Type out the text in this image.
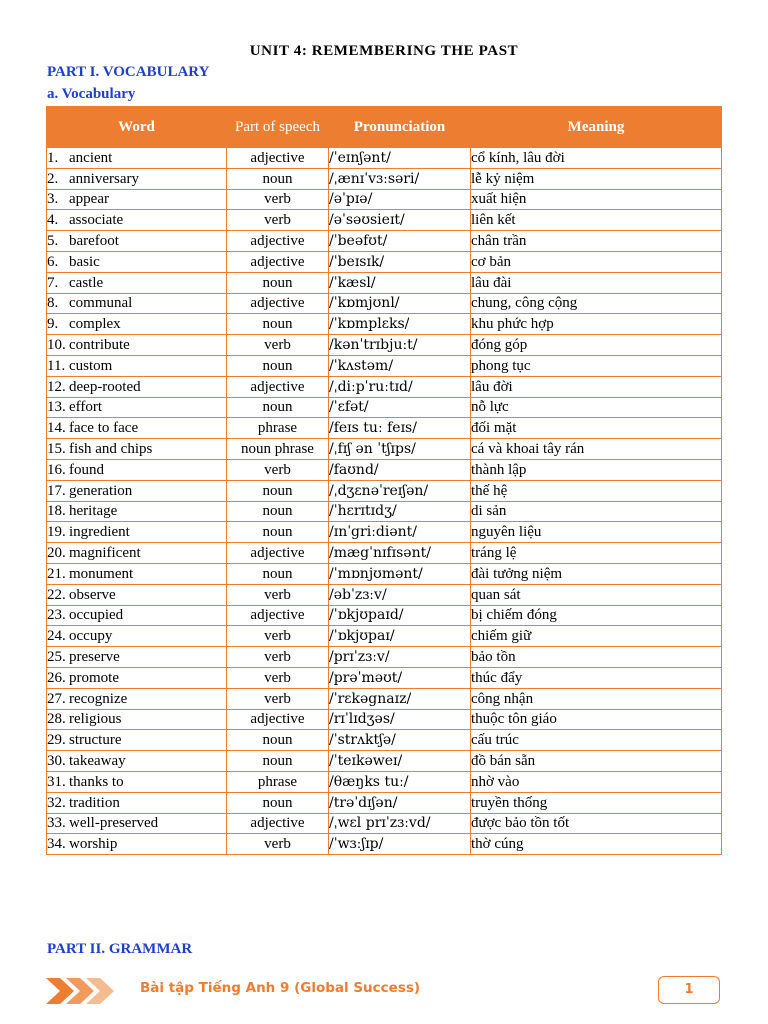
UNIT 4: REMEMBERING THE PAST
PART I. VOCABULARY
a. Vocabulary
Word	Part of speech	Pronunciation	Meaning
1. ancient	adjective	/ˈeɪnʃənt/	cổ kính, lâu đời
2. anniversary	noun	/ˌænɪˈvɜːsəri/	lễ kỷ niệm
3. appear	verb	/əˈpɪə/	xuất hiện
4. associate	verb	/əˈsəʊsieɪt/	liên kết
5. barefoot	adjective	/ˈbeəfʊt/	chân trần
6. basic	adjective	/ˈbeɪsɪk/	cơ bản
7. castle	noun	/ˈkæsl/	lâu đài
8. communal	adjective	/ˈkɒmjʊnl/	chung, công cộng
9. complex	noun	/ˈkɒmplɛks/	khu phức hợp
10. contribute	verb	/kənˈtrɪbjuːt/	đóng góp
11. custom	noun	/ˈkʌstəm/	phong tục
12. deep-rooted	adjective	/ˌdiːpˈruːtɪd/	lâu đời
13. effort	noun	/ˈɛfət/	nỗ lực
14. face to face	phrase	/feɪs tuː feɪs/	đối mặt
15. fish and chips	noun phrase	/ˌfɪʃ ən ˈtʃɪps/	cá và khoai tây rán
16. found	verb	/faʊnd/	thành lập
17. generation	noun	/ˌdʒɛnəˈreɪʃən/	thế hệ
18. heritage	noun	/ˈhɛrɪtɪdʒ/	di sản
19. ingredient	noun	/ɪnˈgriːdiənt/	nguyên liệu
20. magnificent	adjective	/mægˈnɪfɪsənt/	tráng lệ
21. monument	noun	/ˈmɒnjʊmənt/	đài tưởng niệm
22. observe	verb	/əbˈzɜːv/	quan sát
23. occupied	adjective	/ˈɒkjʊpaɪd/	bị chiếm đóng
24. occupy	verb	/ˈɒkjʊpaɪ/	chiếm giữ
25. preserve	verb	/prɪˈzɜːv/	bảo tồn
26. promote	verb	/prəˈməʊt/	thúc đẩy
27. recognize	verb	/ˈrɛkəgnaɪz/	công nhận
28. religious	adjective	/rɪˈlɪdʒəs/	thuộc tôn giáo
29. structure	noun	/ˈstrʌktʃə/	cấu trúc
30. takeaway	noun	/ˈteɪkəweɪ/	đồ bán sẵn
31. thanks to	phrase	/θæŋks tuː/	nhờ vào
32. tradition	noun	/trəˈdɪʃən/	truyền thống
33. well-preserved	adjective	/ˌwɛl prɪˈzɜːvd/	được bảo tồn tốt
34. worship	verb	/ˈwɜːʃɪp/	thờ cúng
PART II. GRAMMAR
Bài tập Tiếng Anh 9 (Global Success)	1
